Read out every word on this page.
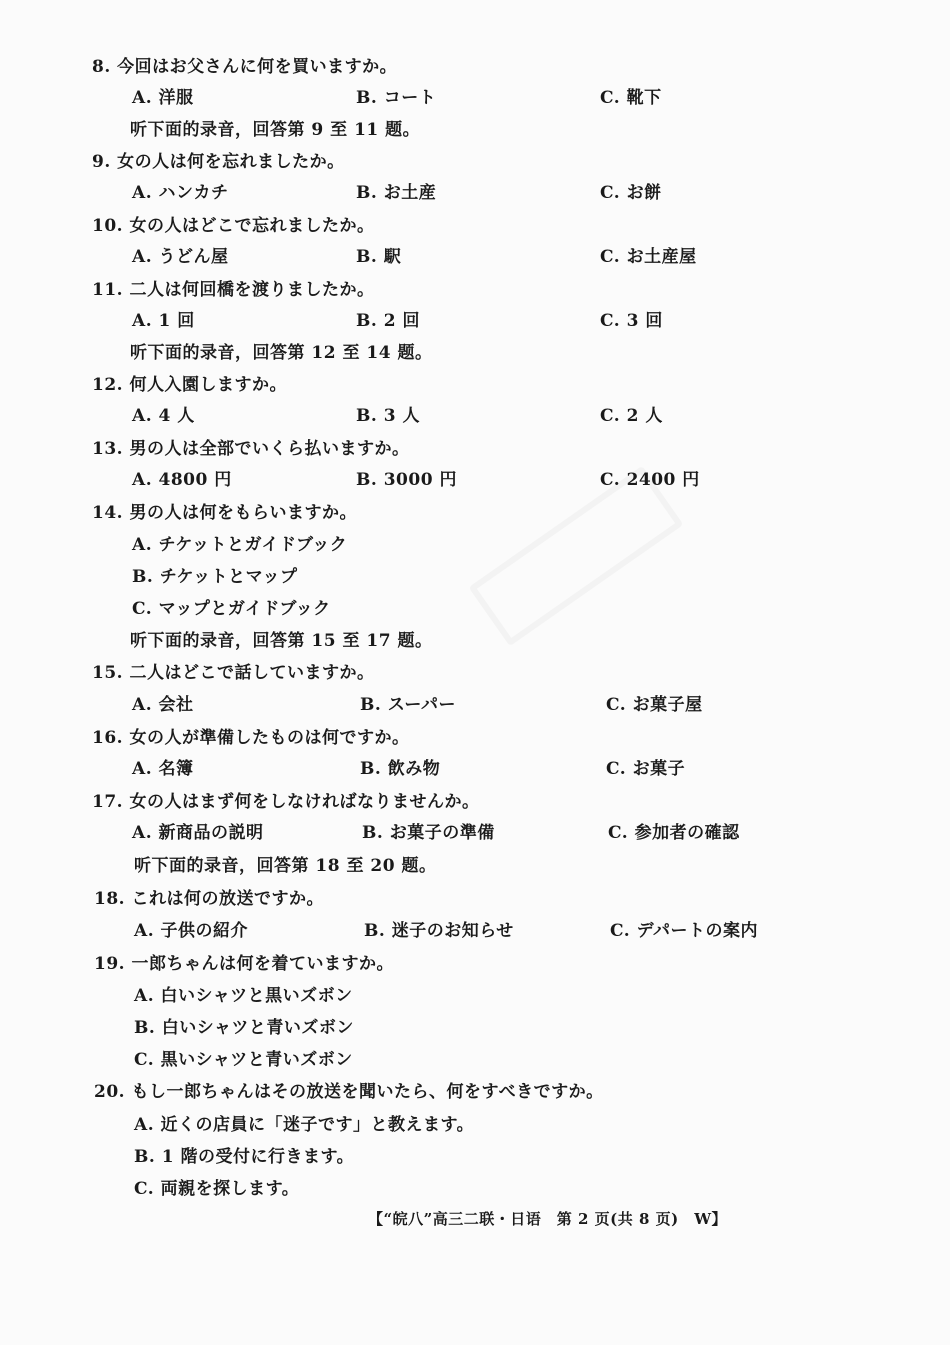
8. 今回はお父さんに何を買いますか。
A. 洋服	B. コート	C. 靴下
听下面的录音，回答第 9 至 11 题。
9. 女の人は何を忘れましたか。
A. ハンカチ	B. お土産	C. お餅
10. 女の人はどこで忘れましたか。
A. うどん屋	B. 駅	C. お土産屋
11. 二人は何回橋を渡りましたか。
A. 1 回	B. 2 回	C. 3 回
听下面的录音，回答第 12 至 14 题。
12. 何人入園しますか。
A. 4 人	B. 3 人	C. 2 人
13. 男の人は全部でいくら払いますか。
A. 4800 円	B. 3000 円	C. 2400 円
14. 男の人は何をもらいますか。
A. チケットとガイドブック
B. チケットとマップ
C. マップとガイドブック
听下面的录音，回答第 15 至 17 题。
15. 二人はどこで話していますか。
A. 会社	B. スーパー	C. お菓子屋
16. 女の人が準備したものは何ですか。
A. 名簿	B. 飲み物	C. お菓子
17. 女の人はまず何をしなければなりませんか。
A. 新商品の説明	B. お菓子の準備	C. 参加者の確認
听下面的录音，回答第 18 至 20 题。
18. これは何の放送ですか。
A. 子供の紹介	B. 迷子のお知らせ	C. デパートの案内
19. 一郎ちゃんは何を着ていますか。
A. 白いシャツと黒いズボン
B. 白いシャツと青いズボン
C. 黒いシャツと青いズボン
20. もし一郎ちゃんはその放送を聞いたら、何をすべきですか。
A. 近くの店員に「迷子です」と教えます。
B. 1 階の受付に行きます。
C. 両親を探します。
【“皖八”高三二联・日语　第 2 页(共 8 页)　W】
